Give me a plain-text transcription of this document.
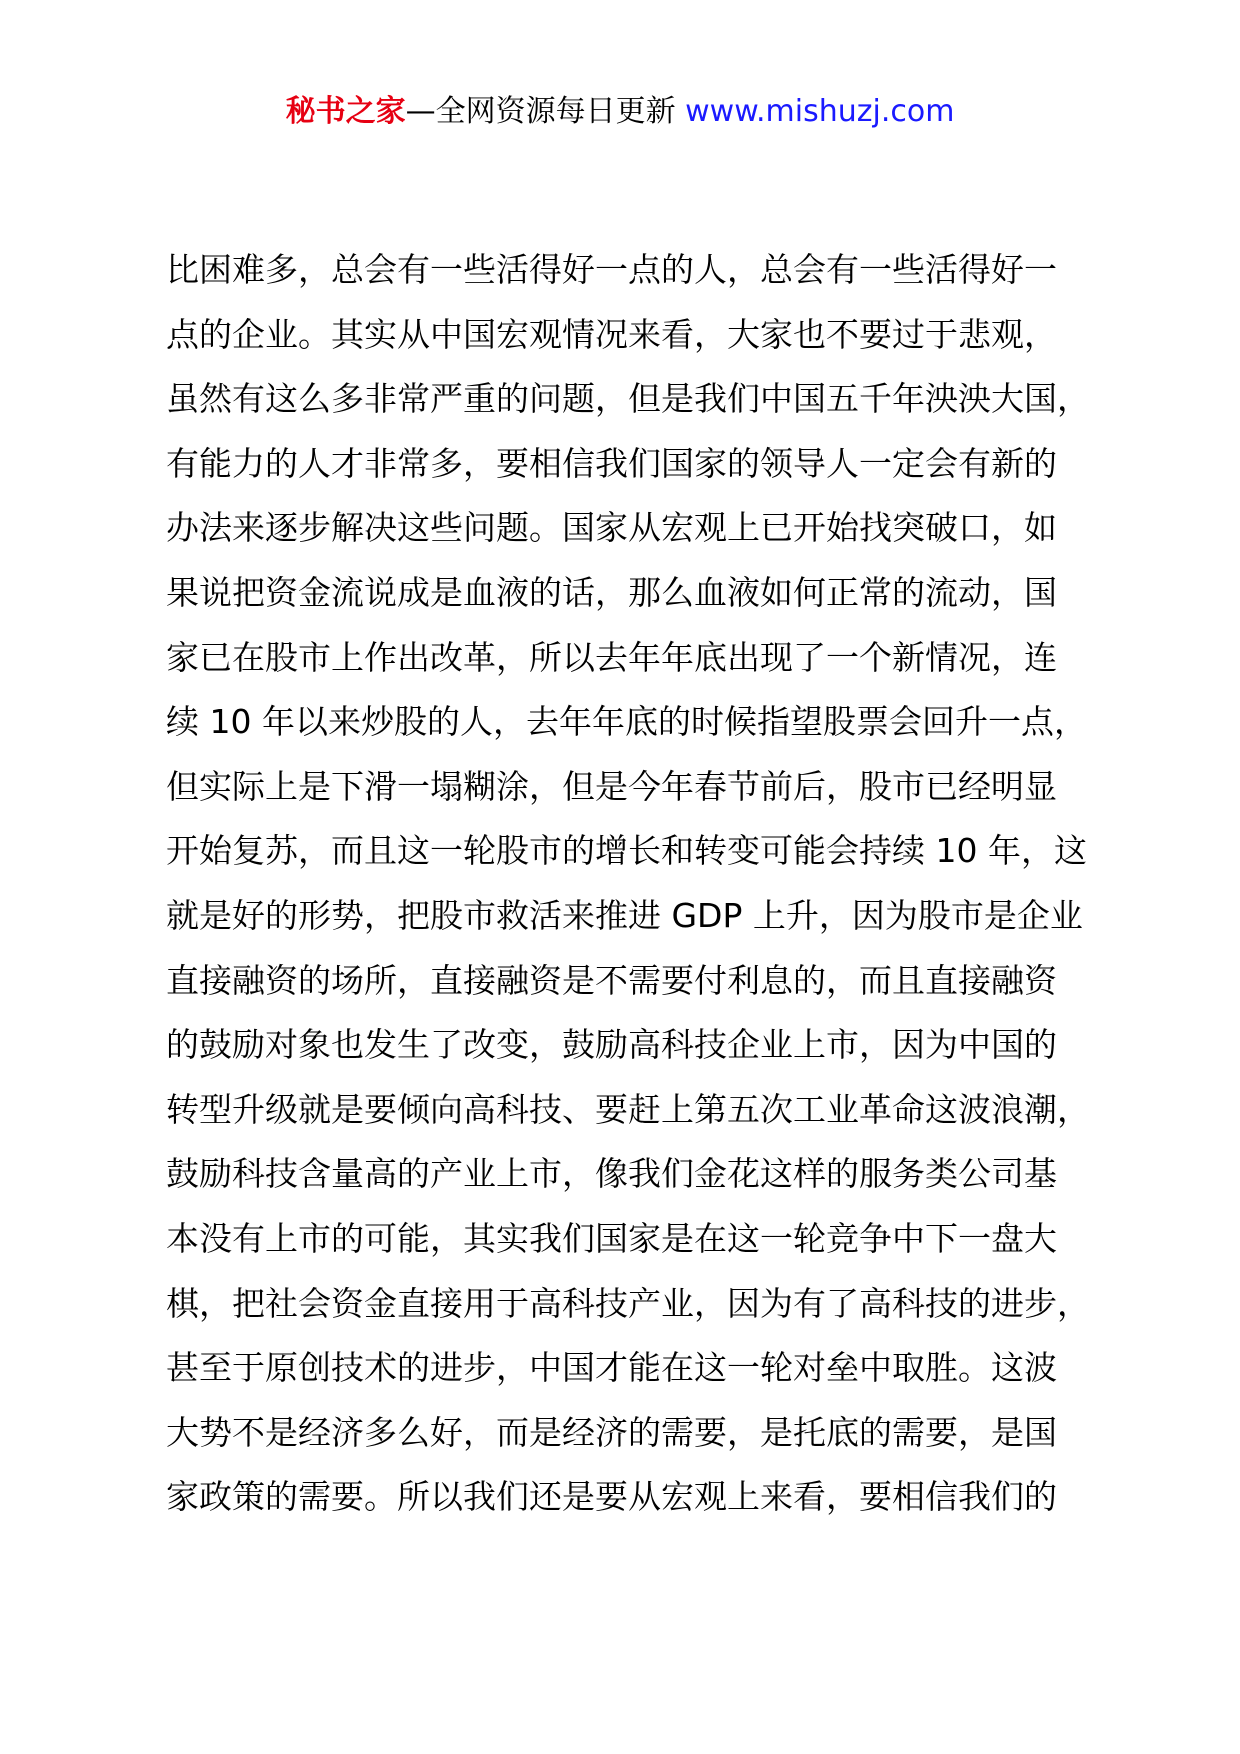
秘书之家—全网资源每日更新 www.mishuzj.com
比困难多，总会有一些活得好一点的人，总会有一些活得好一
点的企业。其实从中国宏观情况来看，大家也不要过于悲观，
虽然有这么多非常严重的问题，但是我们中国五千年泱泱大国，
有能力的人才非常多，要相信我们国家的领导人一定会有新的
办法来逐步解决这些问题。国家从宏观上已开始找突破口，如
果说把资金流说成是血液的话，那么血液如何正常的流动，国
家已在股市上作出改革，所以去年年底出现了一个新情况，连
续 10 年以来炒股的人，去年年底的时候指望股票会回升一点，
但实际上是下滑一塌糊涂，但是今年春节前后，股市已经明显
开始复苏，而且这一轮股市的增长和转变可能会持续 10 年，这
就是好的形势，把股市救活来推进 GDP 上升，因为股市是企业
直接融资的场所，直接融资是不需要付利息的，而且直接融资
的鼓励对象也发生了改变，鼓励高科技企业上市，因为中国的
转型升级就是要倾向高科技、要赶上第五次工业革命这波浪潮，
鼓励科技含量高的产业上市，像我们金花这样的服务类公司基
本没有上市的可能，其实我们国家是在这一轮竞争中下一盘大
棋，把社会资金直接用于高科技产业，因为有了高科技的进步，
甚至于原创技术的进步，中国才能在这一轮对垒中取胜。这波
大势不是经济多么好，而是经济的需要，是托底的需要，是国
家政策的需要。所以我们还是要从宏观上来看，要相信我们的
